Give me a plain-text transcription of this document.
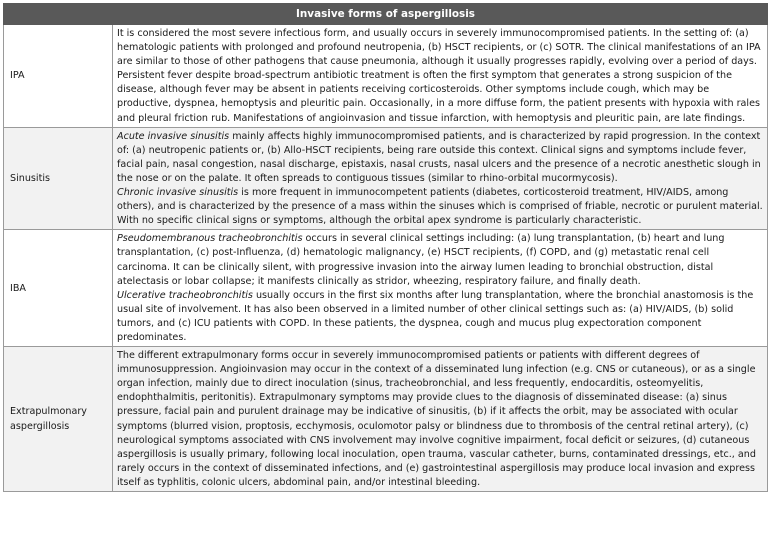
Invasive forms of aspergillosis	
IPA	It is considered the most severe infectious form, and usually occurs in severely immunocompromised patients. In the setting of: (a) hematologic patients with prolonged and profound neutropenia, (b) HSCT recipients, or (c) SOTR. The clinical manifestations of an IPA are similar to those of other pathogens that cause pneumonia, although it usually progresses rapidly, evolving over a period of days. Persistent fever despite broad-spectrum antibiotic treatment is often the first symptom that generates a strong suspicion of the disease, although fever may be absent in patients receiving corticosteroids. Other symptoms include cough, which may be productive, dyspnea, hemoptysis and pleuritic pain. Occasionally, in a more diffuse form, the patient presents with hypoxia with rales and pleural friction rub. Manifestations of angioinvasion and tissue infarction, with hemoptysis and pleuritic pain, are late findings.

Sinusitis	Acute invasive sinusitis mainly affects highly immunocompromised patients, and is characterized by rapid progression. In the context of: (a) neutropenic patients or, (b) Allo-HSCT recipients, being rare outside this context. Clinical signs and symptoms include fever, facial pain, nasal congestion, nasal discharge, epistaxis, nasal crusts, nasal ulcers and the presence of a necrotic anesthetic slough in the nose or on the palate. It often spreads to contiguous tissues (similar to rhino-orbital mucormycosis).

Chronic invasive sinusitis is more frequent in immunocompetent patients (diabetes, corticosteroid treatment, HIV/AIDS, among others), and is characterized by the presence of a mass within the sinuses which is comprised of friable, necrotic or purulent material. With no specific clinical signs or symptoms, although the orbital apex syndrome is particularly characteristic.

IBA	Pseudomembranous tracheobronchitis occurs in several clinical settings including: (a) lung transplantation, (b) heart and lung transplantation, (c) post-Influenza, (d) hematologic malignancy, (e) HSCT recipients, (f) COPD, and (g) metastatic renal cell carcinoma. It can be clinically silent, with progressive invasion into the airway lumen leading to bronchial obstruction, distal atelectasis or lobar collapse; it manifests clinically as stridor, wheezing, respiratory failure, and finally death.

Ulcerative tracheobronchitis usually occurs in the first six months after lung transplantation, where the bronchial anastomosis is the usual site of involvement. It has also been observed in a limited number of other clinical settings such as: (a) HIV/AIDS, (b) solid tumors, and (c) ICU patients with COPD. In these patients, the dyspnea, cough and mucus plug expectoration component predominates.

Extrapulmonary aspergillosis	The different extrapulmonary forms occur in severely immunocompromised patients or patients with different degrees of immunosuppression. Angioinvasion may occur in the context of a disseminated lung infection (e.g. CNS or cutaneous), or as a single organ infection, mainly due to direct inoculation (sinus, tracheobronchial, and less frequently, endocarditis, osteomyelitis, endophthalmitis, peritonitis). Extrapulmonary symptoms may provide clues to the diagnosis of disseminated disease: (a) sinus pressure, facial pain and purulent drainage may be indicative of sinusitis, (b) if it affects the orbit, may be associated with ocular symptoms (blurred vision, proptosis, ecchymosis, oculomotor palsy or blindness due to thrombosis of the central retinal artery), (c) neurological symptoms associated with CNS involvement may involve cognitive impairment, focal deficit or seizures, (d) cutaneous aspergillosis is usually primary, following local inoculation, open trauma, vascular catheter, burns, contaminated dressings, etc., and rarely occurs in the context of disseminated infections, and (e) gastrointestinal aspergillosis may produce local invasion and express itself as typhlitis, colonic ulcers, abdominal pain, and/or intestinal bleeding.
